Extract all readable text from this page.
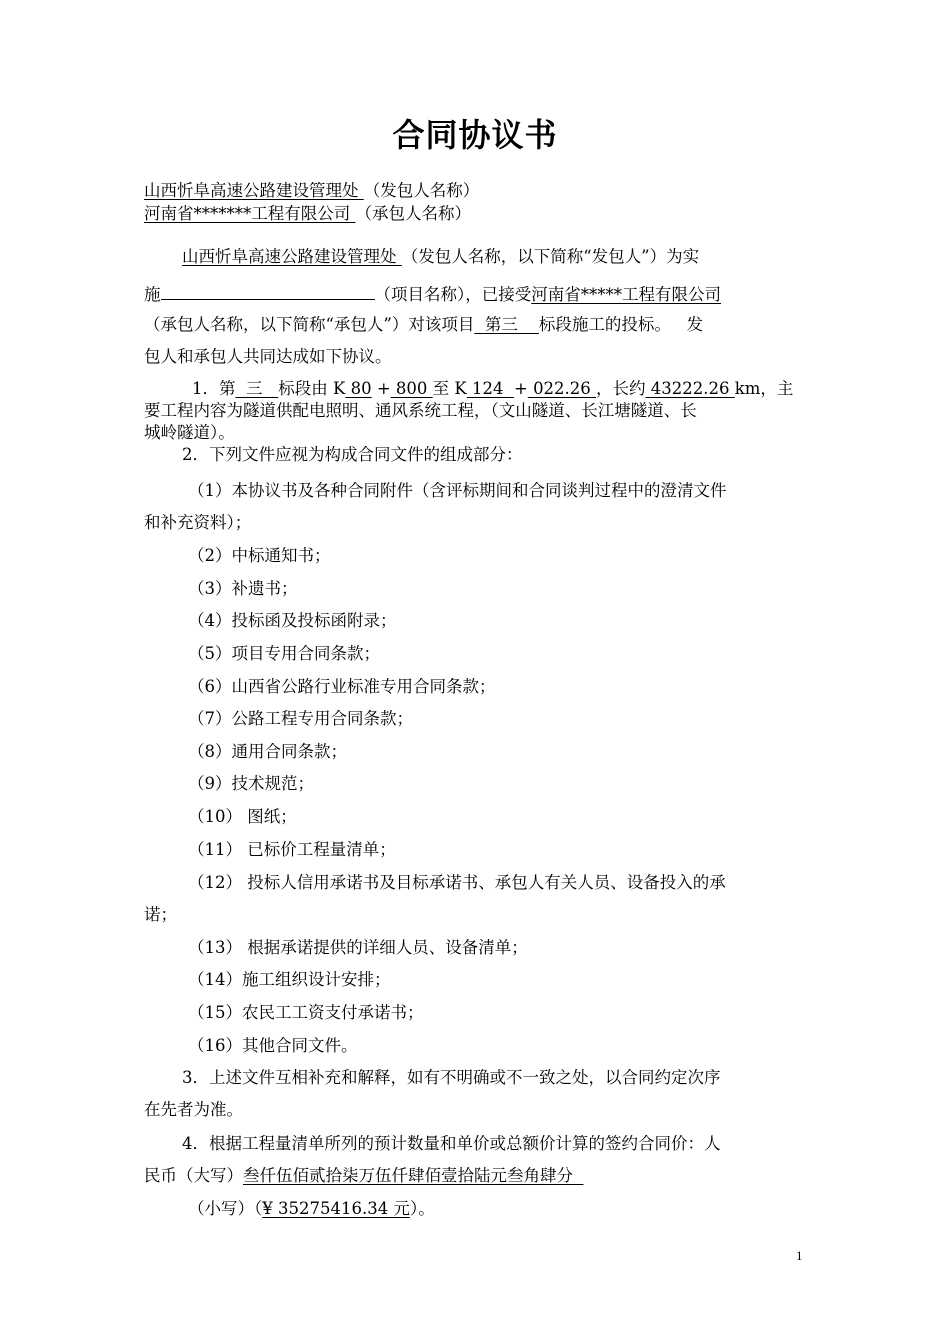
合同协议书
山西忻阜高速公路建设管理处 （发包人名称）
河南省*******工程有限公司 （承包人名称）
山西忻阜高速公路建设管理处 （发包人名称，以下简称“发包人”）为实
施	（项目名称），已接受河南省*****工程有限公司
（承包人名称，以下简称“承包人”）对该项目 第三 标段施工的投标。 发
包人和承包人共同达成如下协议。
1．第 三 标段由 K 80 + 800 至 K 124 + 022.26 ，长约 43222.26 km，主
要工程内容为隧道供配电照明、通风系统工程，（文山隧道、长江塘隧道、长
城岭隧道）。
2．下列文件应视为构成合同文件的组成部分：
（1）本协议书及各种合同附件（含评标期间和合同谈判过程中的澄清文件
和补充资料）；
（2）中标通知书；
（3）补遗书；
（4）投标函及投标函附录；
（5）项目专用合同条款；
（6）山西省公路行业标准专用合同条款；
（7）公路工程专用合同条款；
（8）通用合同条款；
（9）技术规范；
（10） 图纸；
（11） 已标价工程量清单；
（12） 投标人信用承诺书及目标承诺书、承包人有关人员、设备投入的承
诺；
（13） 根据承诺提供的详细人员、设备清单；
（14）施工组织设计安排；
（15）农民工工资支付承诺书；
（16）其他合同文件。
3．上述文件互相补充和解释，如有不明确或不一致之处，以合同约定次序
在先者为准。
4．根据工程量清单所列的预计数量和单价或总额价计算的签约合同价：人
民币（大写）叁仟伍佰贰拾柒万伍仟肆佰壹拾陆元叁角肆分
（小写）（¥ 35275416.34 元）。
1
